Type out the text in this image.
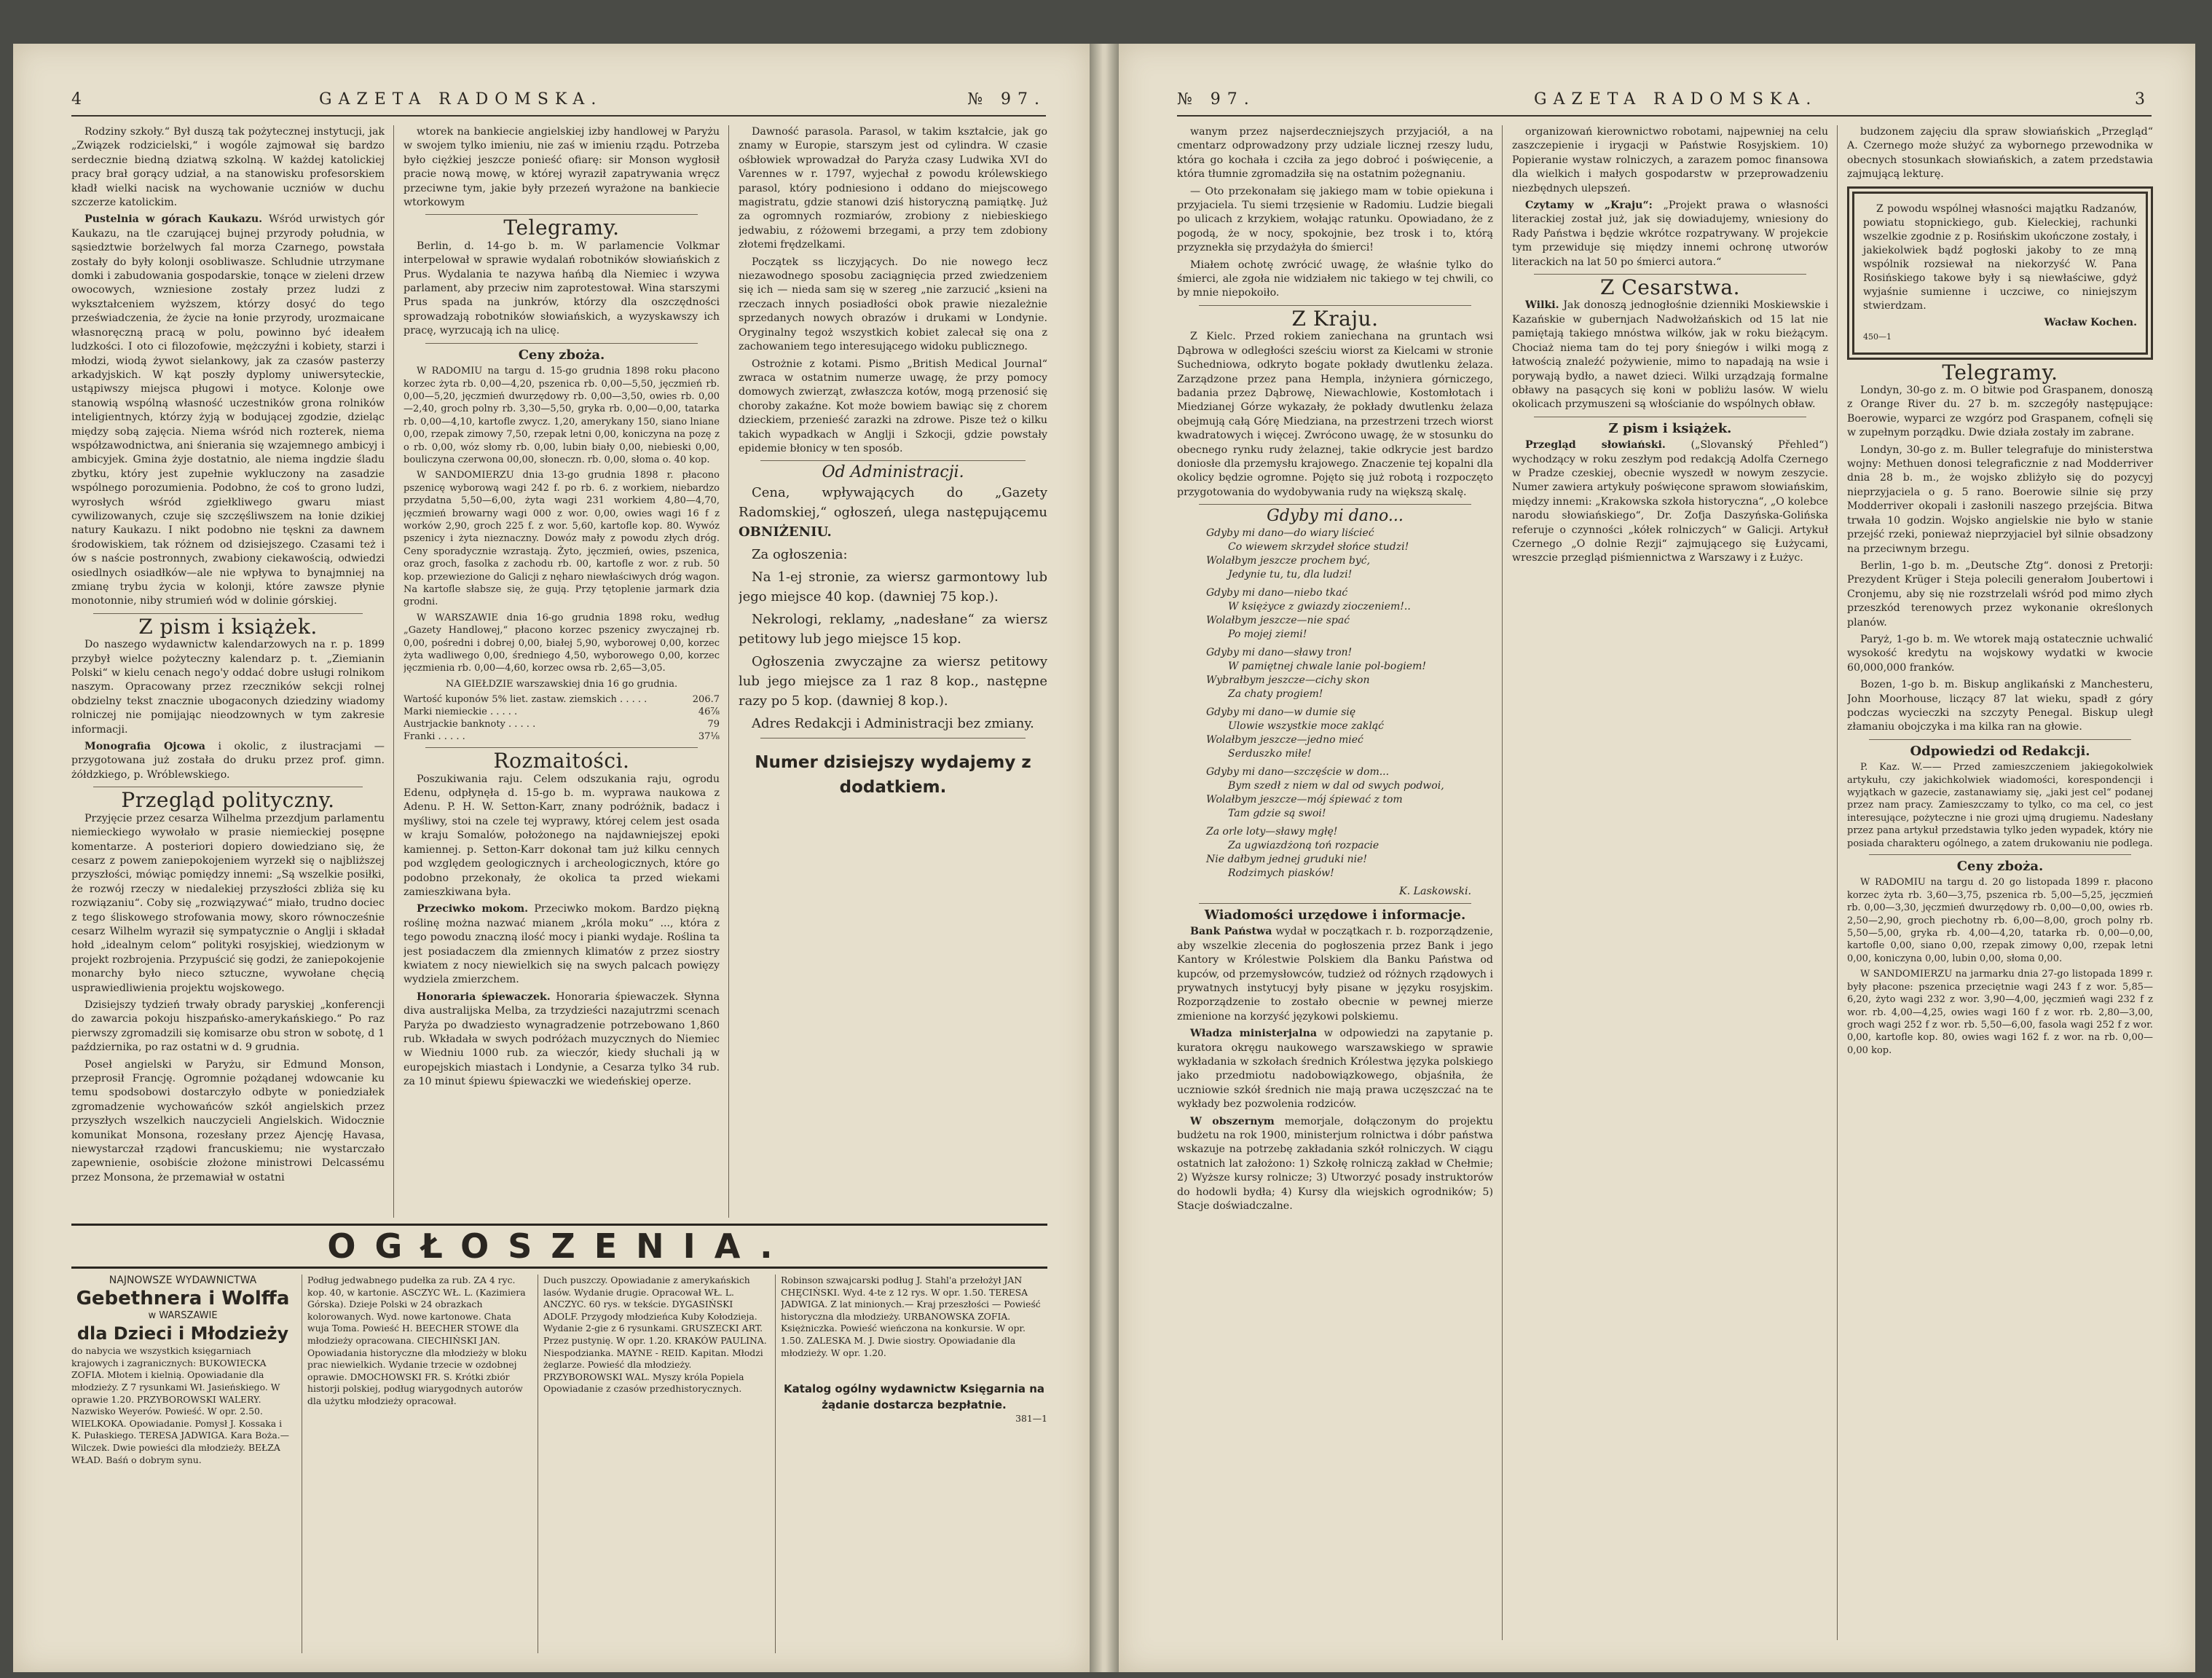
4	GAZETA RADOMSKA.	№ 97.

Rodziny szkoły.“ Był duszą tak pożytecznej instytucji, jak „Związek rodzicielski,“ i wogóle zajmował się bardzo serdecznie biedną dziatwą szkolną. W każdej katolickiej pracy brał gorący udział, a na stanowisku profesorskiem kładł wielki nacisk na wychowanie uczniów w duchu szczerze katolickim.

Pustelnia w górach Kaukazu. Wśród urwistych gór Kaukazu, na tle czarującej bujnej przyrody południa, w sąsiedztwie borżelwych fal morza Czarnego, powstała zostały do były kolonji osobliwasze. Schludnie utrzymane domki i zabudowania gospodarskie, tonące w zieleni drzew owocowych, wzniesione zostały przez ludzi z wykształceniem wyższem, którzy dosyć do tego przeświadczenia, że życie na łonie przyrody, urozmaicane własnoręczną pracą w polu, powinno być ideałem ludzkości. I oto ci filozofowie, mężczyźni i kobiety, starzi i młodzi, wiodą żywot sielankowy, jak za czasów pasterzy arkadyjskich. W kąt poszły dyplomy uniwersyteckie, ustąpiwszy miejsca pługowi i motyce. Kolonje owe stanowią wspólną własność uczestników grona rolników inteligientnych, którzy żyją w bodującej zgodzie, dzieląc między sobą zajęcia. Niema wśród nich rozterek, niema współzawodnictwa, ani śnierania się wzajemnego ambicyj i ambicyjek. Gmina żyje dostatnio, ale niema ingdzie śladu zbytku, który jest zupełnie wykluczony na zasadzie wspólnego porozumienia. Podobno, że coś to grono ludzi, wyrosłych wśród zgiełkliwego gwaru miast cywilizowanych, czuje się szczęśliwszem na łonie dzikiej natury Kaukazu. I nikt podobno nie tęskni za dawnem środowiskiem, tak różnem od dzisiejszego. Czasami też i ów s naście postronnych, zwabiony ciekawością, odwiedzi osiedlnych osiadłków—ale nie wpływa to bynajmniej na zmianę trybu życia w kolonji, które zawsze płynie monotonnie, niby strumień wód w dolinie górskiej.

Z pism i książek.

Do naszego wydawnictw kalendarzowych na r. p. 1899 przybył wielce pożyteczny kalendarz p. t. „Ziemianin Polski“ w kielu cenach nego'y oddać dobre usługi rolnikom naszym. Opracowany przez rzeczników sekcji rolnej obdzielny tekst znacznie ubogaconych dziedziny wiadomy rolniczej nie pomijając nieodzownych w tym zakresie informacji.

Monografia Ojcowa i okolic, z ilustracjami — przygotowana już została do druku przez prof. gimn. żółdzkiego, p. Wróblewskiego.

Przegląd polityczny.

Przyjęcie przez cesarza Wilhelma przezdjum parlamentu niemieckiego wywołało w prasie niemieckiej posępne komentarze. A posteriori dopiero dowiedziano się, że cesarz z powem zaniepokojeniem wyrzekł się o najbliższej przyszłości, mówiąc pomiędzy innemi: „Są wszelkie posiłki, że rozwój rzeczy w niedalekiej przyszłości zbliża się ku rozwiązaniu“. Coby się „rozwiązywać“ miało, trudno dociec z tego śliskowego strofowania mowy, skoro równocześnie cesarz Wilhelm wyraził się sympatycznie o Anglji i składał hołd „idealnym celom“ polityki rosyjskiej, wiedzionym w projekt rozbrojenia. Przypuścić się godzi, że zaniepokojenie monarchy było nieco sztuczne, wywołane chęcią usprawiedliwienia projektu wojskowego.

Dzisiejszy tydzień trwały obrady paryskiej „konferencji do zawarcia pokoju hiszpańsko-amerykańskiego.“ Po raz pierwszy zgromadzili się komisarze obu stron w sobotę, d 1 października, po raz ostatni w d. 9 grudnia.

Poseł angielski w Paryżu, sir Edmund Monson, przeprosił Francję. Ogromnie pożądanej wdowcanie ku temu spodsobowi dostarczyło odbyte w poniedziałek zgromadzenie wychowańców szkół angielskich przez przyszłych wszelkich nauczycieli Angielskich. Widocznie komunikat Monsona, rozesłany przez Ajencję Havasa, niewystarczał rządowi francuskiemu; nie wystarczało zapewnienie, osobiście złożone ministrowi Delcassému przez Monsona, że przemawiał w ostatni

wtorek na bankiecie angielskiej izby handlowej w Paryżu w swojem tylko imieniu, nie zaś w imieniu rządu. Potrzeba było ciężkiej jeszcze ponieść ofiarę: sir Monson wygłosił pracie nową mowę, w której wyraził zapatrywania wręcz przeciwne tym, jakie były przezeń wyrażone na bankiecie wtorkowym

Telegramy.

Berlin, d. 14-go b. m. W parlamencie Volkmar interpelował w sprawie wydalań robotników słowiańskich z Prus. Wydalania te nazywa hańbą dla Niemiec i wzywa parlament, aby przeciw nim zaprotestował. Wina starszymi Prus spada na junkrów, którzy dla oszczędności sprowadzają robotników słowiańskich, a wyzyskawszy ich pracę, wyrzucają ich na ulicę.

Ceny zboża.

W RADOMIU na targu d. 15-go grudnia 1898 roku płacono korzec żyta rb. 0,00—4,20, pszenica rb. 0,00—5,50, jęczmień rb. 0,00—5,20, jęczmień dwurzędowy rb. 0,00—3,50, owies rb. 0,00—2,40, groch polny rb. 3,30—5,50, gryka rb. 0,00—0,00, tatarka rb. 0,00—4,10, kartofle zwycz. 1,20, amerykany 150, siano lniane 0,00, rzepak zimowy 7,50, rzepak letni 0,00, koniczyna na pozę z o rb. 0,00, wóz słomy rb. 0,00, lubin biały 0,00, niebieski 0,00, bouliczyna czerwona 00,00, słoneczn. rb. 0,00, słoma o. 40 kop.

W SANDOMIERZU dnia 13-go grudnia 1898 r. płacono pszenicę wyborową wagi 242 f. po rb. 6. z workiem, niebardzo przydatna 5,50—6,00, żyta wagi 231 workiem 4,80—4,70, jęczmień browarny wagi 000 z wor. 0,00, owies wagi 16 f z worków 2,90, groch 225 f. z wor. 5,60, kartofle kop. 80. Wywóz pszenicy i żyta nieznaczny. Dowóz mały z powodu złych dróg. Ceny sporadycznie wzrastają. Żyto, jęczmień, owies, pszenica, oraz groch, fasolka z zachodu rb. 00, kartofle z wor. z rub. 50 kop. przewiezione do Galicji z nęharo niewłaściwych dróg wagon. Na kartofle słabsze się, że gują. Przy tętoplenie jarmark dzia grodni.

W WARSZAWIE dnia 16-go grudnia 1898 roku, według „Gazety Handlowej,“ płacono korzec pszenicy zwyczajnej rb. 0,00, pośredni i dobrej 0,00, białej 5,90, wyborowej 0,00, korzec żyta wadliwego 0,00, średniego 4,50, wyborowego 0,00, korzec jęczmienia rb. 0,00—4,60, korzec owsa rb. 2,65—3,05.

NA GIEŁDZIE warszawskiej dnia 16 go grudnia.

Wartość kuponów 5% liet. zastaw. ziemskich . . . . .	206.7
Marki niemieckie . . . . .	46⅞
Austrjackie banknoty . . . . .	79
Franki . . . . .	37⅛
Rozmaitości.

Poszukiwania raju. Celem odszukania raju, ogrodu Edenu, odpłynęła d. 15-go b. m. wyprawa naukowa z Adenu. P. H. W. Setton-Karr, znany podróżnik, badacz i myśliwy, stoi na czele tej wyprawy, której celem jest osada w kraju Somalów, położonego na najdawniejszej epoki kamiennej. p. Setton-Karr dokonał tam już kilku cennych pod względem geologicznych i archeologicznych, które go podobno przekonały, że okolica ta przed wiekami zamieszkiwana była.

Przeciwko mokom. Przeciwko mokom. Bardzo piękną roślinę można nazwać mianem „króla moku“ ..., która z tego powodu znaczną ilość mocy i pianki wydaje. Roślina ta jest posiadaczem dla zmiennych klimatów z przez siostry kwiatem z nocy niewielkich się na swych palcach powięzy wydziela zmierzchem.

Honoraria śpiewaczek. Honoraria śpiewaczek. Słynna diva australijska Melba, za trzydzieści nazajutrzmi scenach Paryża po dwadziesto wynagradzenie potrzebowano 1,860 rub. Wkładała w swych podróżach muzycznych do Niemiec w Wiedniu 1000 rub. za wieczór, kiedy słuchali ją w europejskich miastach i Londynie, a Cesarza tylko 34 rub. za 10 minut śpiewu śpiewaczki we wiedeńskiej operze.

Dawność parasola. Parasol, w takim kształcie, jak go znamy w Europie, starszym jest od cylindra. W czasie ośbłowiek wprowadzał do Paryża czasy Ludwika XVI do Varennes w r. 1797, wyjechał z powodu królewskiego parasol, który podniesiono i oddano do miejscowego magistratu, gdzie stanowi dziś historyczną pamiątkę. Już za ogromnych rozmiarów, zrobiony z niebieskiego jedwabiu, z różowemi brzegami, a przy tem zdobiony złotemi frędzelkami.

Początek ss liczyjących. Do nie nowego łecz niezawodnego sposobu zaciągnięcia przed zwiedzeniem się ich — nieda sam się w szereg „nie zarzucić „ksieni na rzeczach innych posiadłości obok prawie niezależnie sprzedanych nowych obrazów i drukami w Londynie. Oryginalny tegoż wszystkich kobiet zalecał się ona z zachowaniem tego interesującego widoku publicznego.

Ostrożnie z kotami. Pismo „British Medical Journal“ zwraca w ostatnim numerze uwagę, że przy pomocy domowych zwierząt, zwłaszcza kotów, mogą przenosić się choroby zakaźne. Kot może bowiem bawiąc się z chorem dzieckiem, przenieść zarazki na zdrowe. Pisze też o kilku takich wypadkach w Anglji i Szkocji, gdzie powstały epidemie błonicy w ten sposób.

Od Administracji.

Cena, wpływających do „Gazety Radomskiej,“ ogłoszeń, ulega następującemu OBNIŻENIU.

Za ogłoszenia:

Na 1-ej stronie, za wiersz garmontowy lub jego miejsce 40 kop. (dawniej 75 kop.).

Nekrologi, reklamy, „nadesłane“ za wiersz petitowy lub jego miejsce 15 kop.

Ogłoszenia zwyczajne za wiersz petitowy lub jego miejsce za 1 raz 8 kop., następne razy po 5 kop. (dawniej 8 kop.).

Adres Redakcji i Administracji bez zmiany.

Numer dzisiejszy wydajemy z dodatkiem.
OGŁOSZENIA.
NAJNOWSZE WYDAWNICTWA
Gebethnera i Wolffa
w WARSZAWIE
dla Dzieci i Młodzieży
do nabycia we wszystkich księgarniach krajowych i zagranicznych: BUKOWIECKA ZOFIA. Młotem i kielnią. Opowiadanie dla młodzieży. Z 7 rysunkami Wł. Jasieńskiego. W oprawie 1.20. PRZYBOROWSKI WALERY. Nazwisko Weyerów. Powieść. W opr. 2.50. WIELKOKA. Opowiadanie. Pomysł J. Kossaka i K. Pułaskiego. TERESA JADWIGA. Kara Boża.— Wilczek. Dwie powieści dla młodzieży. BEŁZA WŁAD. Baśń o dobrym synu.
Podług jedwabnego pudełka za rub. ZA 4 ryc. kop. 40, w kartonie. ASCZYC WŁ. L. (Kazimiera Górska). Dzieje Polski w 24 obrazkach kolorowanych. Wyd. nowe kartonowe. Chata wuja Toma. Powieść H. BEECHER STOWE dla młodzieży opracowana. CIECHIŃSKI JAN. Opowiadania historyczne dla młodzieży w bloku prac niewielkich. Wydanie trzecie w ozdobnej oprawie. DMOCHOWSKI FR. S. Krótki zbiór historji polskiej, podług wiarygodnych autorów dla użytku młodzieży opracował.
Duch puszczy. Opowiadanie z amerykańskich lasów. Wydanie drugie. Opracował WŁ. L. ANCZYC. 60 rys. w tekście. DYGASIŃSKI ADOLF. Przygody młodzieńca Kuby Kołodzieja. Wydanie 2-gie z 6 rysunkami. GRUSZECKI ART. Przez pustynię. W opr. 1.20. KRAKÓW PAULINA. Niespodzianka. MAYNE - REID. Kapitan. Młodzi żeglarze. Powieść dla młodzieży. PRZYBOROWSKI WAL. Myszy króla Popiela Opowiadanie z czasów przedhistorycznych.
Robinson szwajcarski podług J. Stahl'a przełożył JAN CHĘCIŃSKI. Wyd. 4-te z 12 rys. W opr. 1.50. TERESA JADWIGA. Z lat minionych.— Kraj przeszłości — Powieść historyczna dla młodzieży. URBANOWSKA ZOFIA. Księżniczka. Powieść wieńczona na konkursie. W opr. 1.50. ZALESKA M. J. Dwie siostry. Opowiadanie dla młodzieży. W opr. 1.20.
Katalog ogólny wydawnictw Księgarnia na żądanie dostarcza bezpłatnie.
381—1
№ 97.	GAZETA RADOMSKA.	3

wanym przez najserdeczniejszych przyjaciół, a na cmentarz odprowadzony przy udziale licznej rzeszy ludu, która go kochała i czciła za jego dobroć i poświęcenie, a która tłumnie zgromadziła się na ostatnim pożegnaniu.

— Oto przekonałam się jakiego mam w tobie opiekuna i przyjaciela. Tu siemi trzęsienie w Radomiu. Ludzie biegali po ulicach z krzykiem, wołając ratunku. Opowiadano, że z pogodą, że w nocy, spokojnie, bez trosk i to, którą przyznekła się przydażyła do śmierci!

Miałem ochotę zwrócić uwagę, że właśnie tylko do śmierci, ale zgoła nie widziałem nic takiego w tej chwili, co by mnie niepokoiło.

Z Kraju.

Z Kielc. Przed rokiem zaniechana na gruntach wsi Dąbrowa w odległości sześciu wiorst za Kielcami w stronie Suchedniowa, odkryto bogate pokłady dwutlenku żelaza. Zarządzone przez pana Hempla, inżyniera górniczego, badania przez Dąbrowę, Niewachlowie, Kostomłotach i Miedzianej Górze wykazały, że pokłady dwutlenku żelaza obejmują całą Górę Miedziana, na przestrzeni trzech wiorst kwadratowych i więcej. Zwrócono uwagę, że w stosunku do obecnego rynku rudy żelaznej, takie odkrycie jest bardzo doniosłe dla przemysłu krajowego. Znaczenie tej kopalni dla okolicy będzie ogromne. Pojęto się już robotą i rozpoczęto przygotowania do wydobywania rudy na większą skalę.

Gdyby mi dano...
Gdyby mi dano—do wiary liścieć
Co wiewem skrzydeł słońce studzi!
Wolałbym jeszcze prochem być,
Jedynie tu, tu, dla ludzi!
Gdyby mi dano—niebo tkać
W księżyce z gwiazdy zioczeniem!..
Wolałbym jeszcze—nie spać
Po mojej ziemi!
Gdyby mi dano—sławy tron!
W pamiętnej chwale lanie pol-bogiem!
Wybrałbym jeszcze—cichy skon
Za chaty progiem!
Gdyby mi dano—w dumie się
Ulowie wszystkie moce zakląć
Wolałbym jeszcze—jedno mieć
Serduszko miłe!
Gdyby mi dano—szczęście w dom...
Bym szedł z niem w dal od swych podwoi,
Wolałbym jeszcze—mój śpiewać z tom
Tam gdzie są swoi!
Za orle loty—sławy mgłę!
Za ugwiazdżoną toń rozpacie
Nie dałbym jednej gruduki nie!
Rodzimych piasków!
K. Laskowski.
Wiadomości urzędowe i informacje.

Bank Państwa wydał w początkach r. b. rozporządzenie, aby wszelkie zlecenia do pogłoszenia przez Bank i jego Kantory w Królestwie Polskiem dla Banku Państwa od kupców, od przemysłowców, tudzież od różnych rządowych i prywatnych instytucyj były pisane w języku rosyjskim. Rozporządzenie to zostało obecnie w pewnej mierze zmienione na korzyść językowi polskiemu.

Władza ministerjalna w odpowiedzi na zapytanie p. kuratora okręgu naukowego warszawskiego w sprawie wykładania w szkołach średnich Królestwa języka polskiego jako przedmiotu nadobowiązkowego, objaśniła, że uczniowie szkół średnich nie mają prawa uczęszczać na te wykłady bez pozwolenia rodziców.

W obszernym memorjale, dołączonym do projektu budżetu na rok 1900, ministerjum rolnictwa i dóbr państwa wskazuje na potrzebę zakładania szkół rolniczych. W ciągu ostatnich lat założono: 1) Szkołę rolniczą zakład w Chełmie; 2) Wyższe kursy rolnicze; 3) Utworzyć posady instruktorów do hodowli bydła; 4) Kursy dla wiejskich ogrodników; 5) Stacje doświadczalne.

organizowań kierownictwo robotami, najpewniej na celu zaszczepienie i irygacji w Państwie Rosyjskiem. 10) Popieranie wystaw rolniczych, a zarazem pomoc finansowa dla wielkich i małych gospodarstw w przeprowadzeniu niezbędnych ulepszeń.

Czytamy w „Kraju“: „Projekt prawa o własności literackiej został już, jak się dowiadujemy, wniesiony do Rady Państwa i będzie wkrótce rozpatrywany. W projekcie tym przewiduje się między innemi ochronę utworów literackich na lat 50 po śmierci autora.“

Z Cesarstwa.

Wilki. Jak donoszą jednogłośnie dzienniki Moskiewskie i Kazańskie w gubernjach Nadwołżańskich od 15 lat nie pamiętają takiego mnóstwa wilków, jak w roku bieżącym. Chociaż niema tam do tej pory śniegów i wilki mogą z łatwością znaleźć pożywienie, mimo to napadają na wsie i porywają bydło, a nawet dzieci. Wilki urządzają formalne obławy na pasących się koni w pobliżu lasów. W wielu okolicach przymuszeni są włościanie do wspólnych obław.

Z pism i książek.

Przegląd słowiański. („Slovanský Přehled“) wychodzący w roku zeszłym pod redakcją Adolfa Czernego w Pradze czeskiej, obecnie wyszedł w nowym zeszycie. Numer zawiera artykuły poświęcone sprawom słowiańskim, między innemi: „Krakowska szkoła historyczna“, „O kolebce narodu słowiańskiego“, Dr. Zofja Daszyńska-Golińska referuje o czynności „kółek rolniczych“ w Galicji. Artykuł Czernego „O dolnie Rezji“ zajmującego się Łużycami, wreszcie przegląd piśmiennictwa z Warszawy i z Łużyc.

budzonem zajęciu dla spraw słowiańskich „Przegląd“ A. Czernego może służyć za wybornego przewodnika w obecnych stosunkach słowiańskich, a zatem przedstawia zajmującą lekturę.

Z powodu wspólnej własności majątku Radzanów, powiatu stopnickiego, gub. Kieleckiej, rachunki wszelkie zgodnie z p. Rosińskim ukończone zostały, i jakiekolwiek bądź pogłoski jakoby to ze mną wspólnik rozsiewał na niekorzyść W. Pana Rosińskiego takowe były i są niewłaściwe, gdyż wyjaśnie sumienne i uczciwe, co niniejszym stwierdzam.

Wacław Kochen.
450—1
Telegramy.

Londyn, 30-go z. m. O bitwie pod Graspanem, donoszą z Orange River du. 27 b. m. szczegóły następujące: Boerowie, wyparci ze wzgórz pod Graspanem, cofnęli się w zupełnym porządku. Dwie działa zostały im zabrane.

Londyn, 30-go z. m. Buller telegrafuje do ministerstwa wojny: Methuen donosi telegraficznie z nad Modderriver dnia 28 b. m., że wojsko zbliżyło się do pozycyj nieprzyjaciela o g. 5 rano. Boerowie silnie się przy Modderriver okopali i zasłonili naszego przejścia. Bitwa trwała 10 godzin. Wojsko angielskie nie było w stanie przejść rzeki, ponieważ nieprzyjaciel był silnie obsadzony na przeciwnym brzegu.

Berlin, 1-go b. m. „Deutsche Ztg“. donosi z Pretorji: Prezydent Krüger i Steja polecili generałom Joubertowi i Cronjemu, aby się nie rozstrzelali wśród pod mimo złych przeszkód terenowych przez wykonanie określonych planów.

Paryż, 1-go b. m. We wtorek mają ostatecznie uchwalić wysokość kredytu na wojskowy wydatki w kwocie 60,000,000 franków.

Bozen, 1-go b. m. Biskup anglikański z Manchesteru, John Moorhouse, liczący 87 lat wieku, spadł z góry podczas wycieczki na szczyty Penegal. Biskup uległ złamaniu obojczyka i ma kilka ran na głowie.

Odpowiedzi od Redakcji.

P. Kaz. W.—— Przed zamieszczeniem jakiegokolwiek artykułu, czy jakichkolwiek wiadomości, korespondencji i wyjątkach w gazecie, zastanawiamy się, „jaki jest cel“ podanej przez nam pracy. Zamieszczamy to tylko, co ma cel, co jest interesujące, pożyteczne i nie grozi ujmą drugiemu. Nadesłany przez pana artykuł przedstawia tylko jeden wypadek, który nie posiada charakteru ogólnego, a zatem drukowaniu nie podlega.

Ceny zboża.

W RADOMIU na targu d. 20 go listopada 1899 r. płacono korzec żyta rb. 3,60—3,75, pszenica rb. 5,00—5,25, jęczmień rb. 0,00—3,30, jęczmień dwurzędowy rb. 0,00—0,00, owies rb. 2,50—2,90, groch piechotny rb. 6,00—8,00, groch polny rb. 5,50—5,00, gryka rb. 4,00—4,20, tatarka rb. 0,00—0,00, kartofle 0,00, siano 0,00, rzepak zimowy 0,00, rzepak letni 0,00, koniczyna 0,00, lubin 0,00, słoma 0,00.

W SANDOMIERZU na jarmarku dnia 27-go listopada 1899 r. były płacone: pszenica przeciętnie wagi 243 f z wor. 5,85—6,20, żyto wagi 232 z wor. 3,90—4,00, jęczmień wagi 232 f z wor. rb. 4,00—4,25, owies wagi 160 f z wor. rb. 2,80—3,00, groch wagi 252 f z wor. rb. 5,50—6,00, fasola wagi 252 f z wor. 0,00, kartofle kop. 80, owies wagi 162 f. z wor. na rb. 0,00—0,00 kop.
